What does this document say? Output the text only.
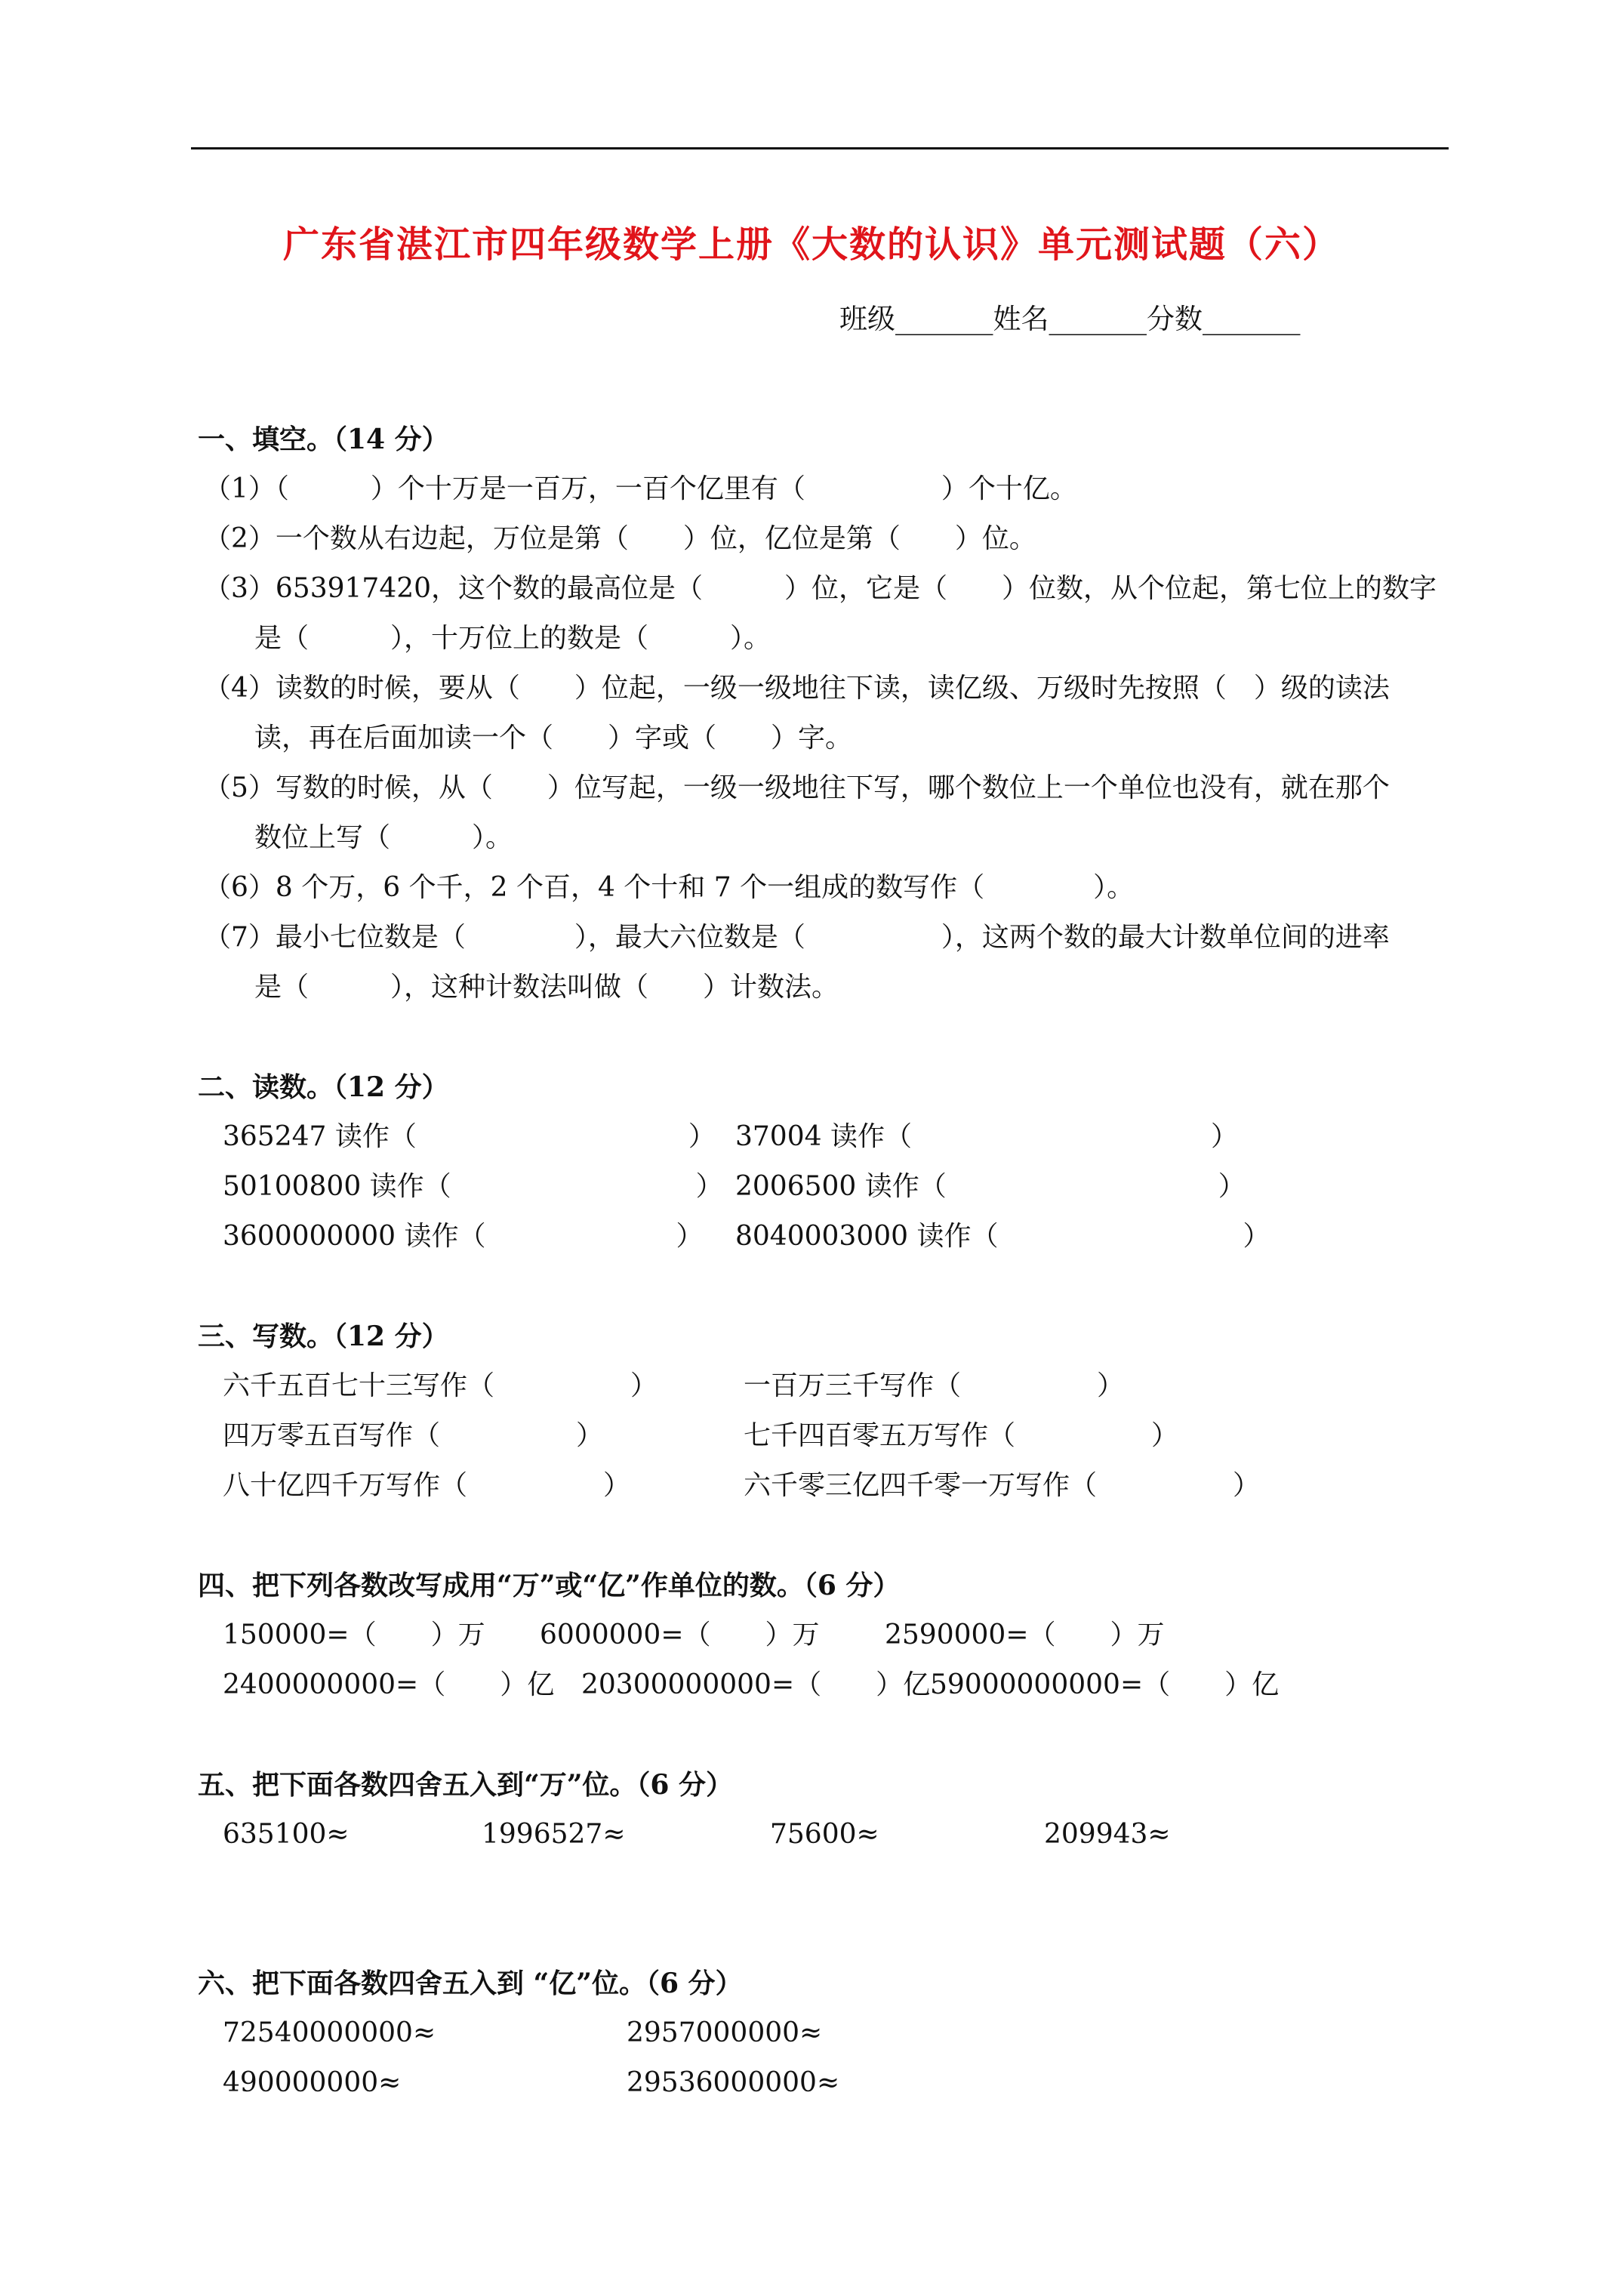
广东省湛江市四年级数学上册《大数的认识》单元测试题（六）
班级_______姓名_______分数_______
一、填空。（14 分）
（1）（　　　）个十万是一百万，一百个亿里有（　　　　　）个十亿。
（2）一个数从右边起，万位是第（　　）位，亿位是第（　　）位。
（3）653917420，这个数的最高位是（　　　）位，它是（　　）位数，从个位起，第七位上的数字
是（　　　），十万位上的数是（　　　）。
（4）读数的时候，要从（　　）位起，一级一级地往下读，读亿级、万级时先按照（　）级的读法
读，再在后面加读一个（　　）字或（　　）字。
（5）写数的时候，从（　　）位写起，一级一级地往下写，哪个数位上一个单位也没有，就在那个
数位上写（　　　）。
（6）8 个万，6 个千，2 个百，4 个十和 7 个一组成的数写作（　　　　）。
（7）最小七位数是（　　　　），最大六位数是（　　　　　），这两个数的最大计数单位间的进率
是（　　　），这种计数法叫做（　　）计数法。
二、读数。（12 分）
365247 读作（　　　　　　　　　　） 37004 读作（　　　　　　　　　　　）
50100800 读作（　　　　　　　　　） 2006500 读作（　　　　　　　　　　）
3600000000 读作（　　　　　　　） 8040003000 读作（　　　　　　　　　）
三、写数。（12 分）
六千五百七十三写作（　　　　　）	一百万三千写作（　　　　　）
四万零五百写作（　　　　　）	七千四百零五万写作（　　　　　）
八十亿四千万写作（　　　　　）	六千零三亿四千零一万写作（　　　　　）
四、把下列各数改写成用“万”或“亿”作单位的数。（6 分）
150000=（　　）万 6000000=（　　）万 2590000=（　　）万
2400000000=（　　）亿 20300000000=（　　）亿 59000000000=（　　）亿
五、把下面各数四舍五入到“万”位。（6 分）
635100≈	1996527≈	75600≈	209943≈
六、把下面各数四舍五入到 “亿”位。（6 分）
72540000000≈	2957000000≈
490000000≈	29536000000≈
